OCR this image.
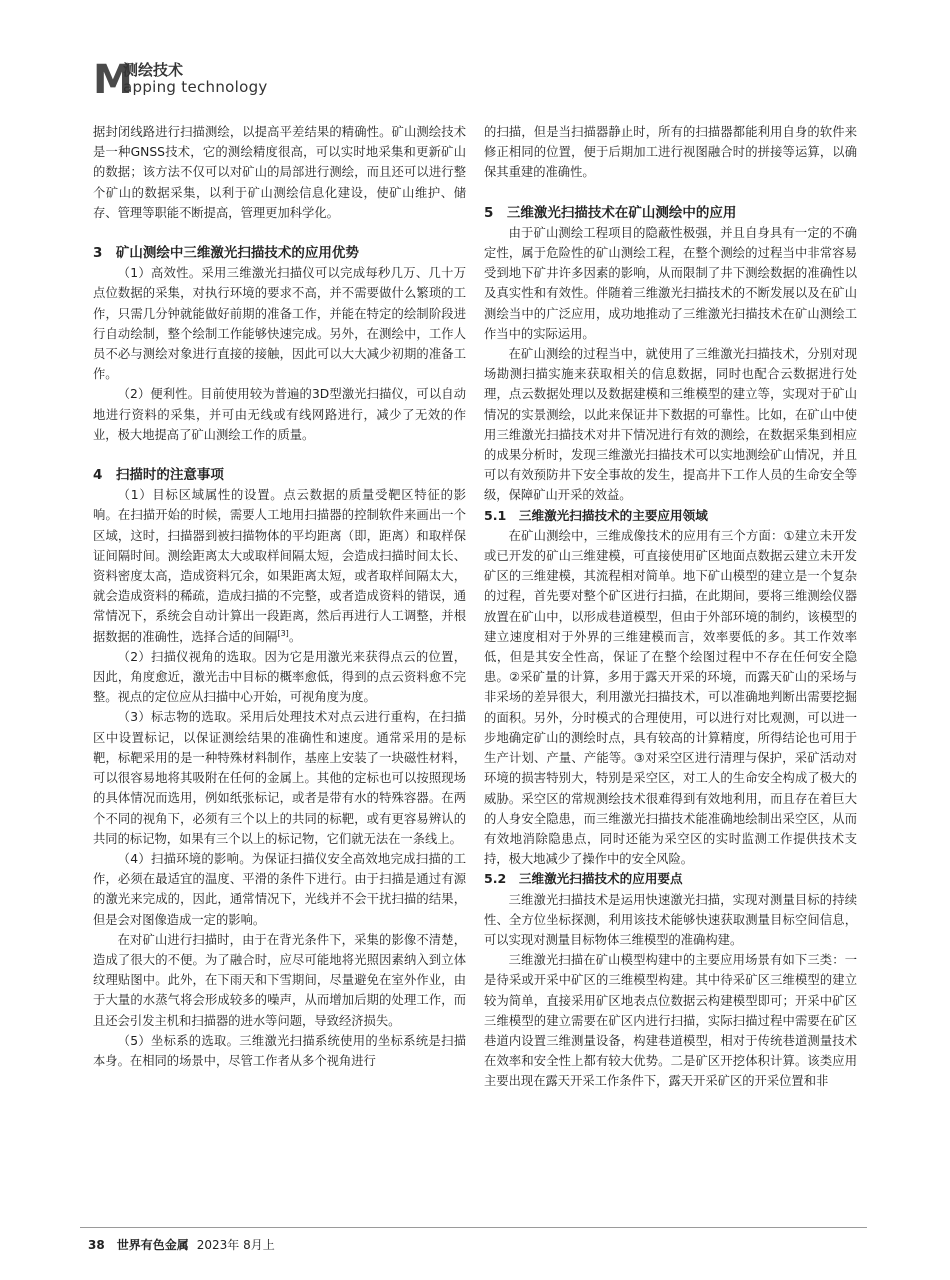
M
测绘技术
apping technology

据封闭线路进行扫描测绘，以提高平差结果的精确性。矿山测绘技术是一种GNSS技术，它的测绘精度很高，可以实时地采集和更新矿山的数据；该方法不仅可以对矿山的局部进行测绘，而且还可以进行整个矿山的数据采集，以利于矿山测绘信息化建设，使矿山维护、储存、管理等职能不断提高，管理更加科学化。

3　矿山测绘中三维激光扫描技术的应用优势

（1）高效性。采用三维激光扫描仪可以完成每秒几万、几十万点位数据的采集，对执行环境的要求不高，并不需要做什么繁琐的工作，只需几分钟就能做好前期的准备工作，并能在特定的绘制阶段进行自动绘制，整个绘制工作能够快速完成。另外，在测绘中，工作人员不必与测绘对象进行直接的接触，因此可以大大减少初期的准备工作。

（2）便利性。目前使用较为普遍的3D型激光扫描仪，可以自动地进行资料的采集，并可由无线或有线网路进行，减少了无效的作业，极大地提高了矿山测绘工作的质量。

4　扫描时的注意事项

（1）目标区域属性的设置。点云数据的质量受靶区特征的影响。在扫描开始的时候，需要人工地用扫描器的控制软件来画出一个区域，这时，扫描器到被扫描物体的平均距离（即，距离）和取样保证间隔时间。测绘距离太大或取样间隔太短，会造成扫描时间太长、资料密度太高，造成资料冗余，如果距离太短，或者取样间隔太大，就会造成资料的稀疏，造成扫描的不完整，或者造成资料的错误，通常情况下，系统会自动计算出一段距离，然后再进行人工调整，并根据数据的准确性，选择合适的间隔[3]。

（2）扫描仪视角的选取。因为它是用激光来获得点云的位置，因此，角度愈近，激光击中目标的概率愈低，得到的点云资料愈不完整。视点的定位应从扫描中心开始，可视角度为度。

（3）标志物的选取。采用后处理技术对点云进行重构，在扫描区中设置标记，以保证测绘结果的准确性和速度。通常采用的是标靶，标靶采用的是一种特殊材料制作，基座上安装了一块磁性材料，可以很容易地将其吸附在任何的金属上。其他的定标也可以按照现场的具体情况而选用，例如纸张标记，或者是带有水的特殊容器。在两个不同的视角下，必须有三个以上的共同的标靶，或有更容易辨认的共同的标记物，如果有三个以上的标记物，它们就无法在一条线上。

（4）扫描环境的影响。为保证扫描仪安全高效地完成扫描的工作，必须在最适宜的温度、平滑的条件下进行。由于扫描是通过有源的激光来完成的，因此，通常情况下，光线并不会干扰扫描的结果，但是会对图像造成一定的影响。

在对矿山进行扫描时，由于在背光条件下，采集的影像不清楚，造成了很大的不便。为了融合时，应尽可能地将光照因素纳入到立体纹理贴图中。此外，在下雨天和下雪期间，尽量避免在室外作业，由于大量的水蒸气将会形成较多的噪声，从而增加后期的处理工作，而且还会引发主机和扫描器的进水等问题，导致经济损失。

（5）坐标系的选取。三维激光扫描系统使用的坐标系统是扫描本身。在相同的场景中，尽管工作者从多个视角进行

的扫描，但是当扫描器静止时，所有的扫描器都能利用自身的软件来修正相同的位置，便于后期加工进行视图融合时的拼接等运算，以确保其重建的准确性。

5　三维激光扫描技术在矿山测绘中的应用

由于矿山测绘工程项目的隐蔽性极强，并且自身具有一定的不确定性，属于危险性的矿山测绘工程，在整个测绘的过程当中非常容易受到地下矿井许多因素的影响，从而限制了井下测绘数据的准确性以及真实性和有效性。伴随着三维激光扫描技术的不断发展以及在矿山测绘当中的广泛应用，成功地推动了三维激光扫描技术在矿山测绘工作当中的实际运用。

在矿山测绘的过程当中，就使用了三维激光扫描技术，分别对现场勘测扫描实施来获取相关的信息数据，同时也配合云数据进行处理，点云数据处理以及数据建模和三维模型的建立等，实现对于矿山情况的实景测绘，以此来保证井下数据的可靠性。比如，在矿山中使用三维激光扫描技术对井下情况进行有效的测绘，在数据采集到相应的成果分析时，发现三维激光扫描技术可以实地测绘矿山情况，并且可以有效预防井下安全事故的发生，提高井下工作人员的生命安全等级，保障矿山开采的效益。

5.1　三维激光扫描技术的主要应用领域

在矿山测绘中，三维成像技术的应用有三个方面：①建立未开发或已开发的矿山三维建模，可直接使用矿区地面点数据云建立未开发矿区的三维建模，其流程相对简单。地下矿山模型的建立是一个复杂的过程，首先要对整个矿区进行扫描，在此期间，要将三维测绘仪器放置在矿山中，以形成巷道模型，但由于外部环境的制约，该模型的建立速度相对于外界的三维建模而言，效率要低的多。其工作效率低，但是其安全性高，保证了在整个绘图过程中不存在任何安全隐患。②采矿量的计算，多用于露天开采的环境，而露天矿山的采场与非采场的差异很大，利用激光扫描技术，可以准确地判断出需要挖掘的面积。另外，分时模式的合理使用，可以进行对比观测，可以进一步地确定矿山的测绘时点，具有较高的计算精度，所得结论也可用于生产计划、产量、产能等。③对采空区进行清理与保护，采矿活动对环境的损害特别大，特别是采空区，对工人的生命安全构成了极大的威胁。采空区的常规测绘技术很难得到有效地利用，而且存在着巨大的人身安全隐患，而三维激光扫描技术能准确地绘制出采空区，从而有效地消除隐患点，同时还能为采空区的实时监测工作提供技术支持，极大地减少了操作中的安全风险。

5.2　三维激光扫描技术的应用要点

三维激光扫描技术是运用快速激光扫描，实现对测量目标的持续性、全方位坐标探测，利用该技术能够快速获取测量目标空间信息，可以实现对测量目标物体三维模型的准确构建。

三维激光扫描在矿山模型构建中的主要应用场景有如下三类：一是待采或开采中矿区的三维模型构建。其中待采矿区三维模型的建立较为简单，直接采用矿区地表点位数据云构建模型即可；开采中矿区三维模型的建立需要在矿区内进行扫描，实际扫描过程中需要在矿区巷道内设置三维测量设备，构建巷道模型，相对于传统巷道测量技术在效率和安全性上都有较大优势。二是矿区开挖体积计算。该类应用主要出现在露天开采工作条件下，露天开采矿区的开采位置和非

38 世界有色金属 2023年 8月上
